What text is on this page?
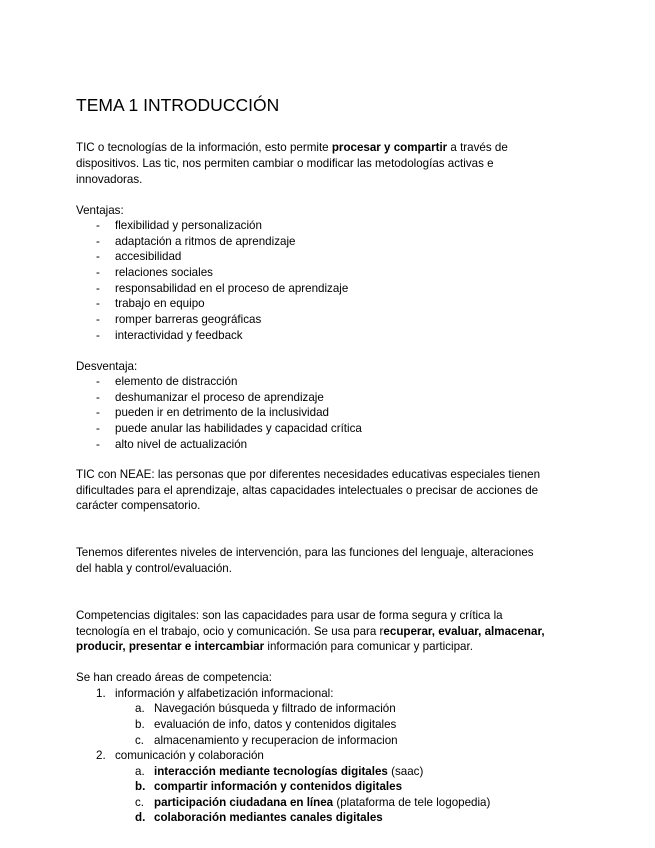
TEMA 1 INTRODUCCIÓN
TIC o tecnologías de la información, esto permite procesar y compartir a través de
dispositivos. Las tic, nos permiten cambiar o modificar las metodologías activas e
innovadoras.
Ventajas:
- flexibilidad y personalización
- adaptación a ritmos de aprendizaje
- accesibilidad
- relaciones sociales
- responsabilidad en el proceso de aprendizaje
- trabajo en equipo
- romper barreras geográficas
- interactividad y feedback
Desventaja:
- elemento de distracción
- deshumanizar el proceso de aprendizaje
- pueden ir en detrimento de la inclusividad
- puede anular las habilidades y capacidad crítica
- alto nivel de actualización
TIC con NEAE: las personas que por diferentes necesidades educativas especiales tienen
dificultades para el aprendizaje, altas capacidades intelectuales o precisar de acciones de
carácter compensatorio.
Tenemos diferentes niveles de intervención, para las funciones del lenguaje, alteraciones
del habla y control/evaluación.
Competencias digitales: son las capacidades para usar de forma segura y crítica la
tecnología en el trabajo, ocio y comunicación. Se usa para recuperar, evaluar, almacenar,
producir, presentar e intercambiar información para comunicar y participar.
Se han creado áreas de competencia:
1. información y alfabetización informacional:
a. Navegación búsqueda y filtrado de información
b. evaluación de info, datos y contenidos digitales
c. almacenamiento y recuperacion de informacion
2. comunicación y colaboración
a. interacción mediante tecnologías digitales (saac)
b. compartir información y contenidos digitales
c. participación ciudadana en línea (plataforma de tele logopedia)
d. colaboración mediantes canales digitales
